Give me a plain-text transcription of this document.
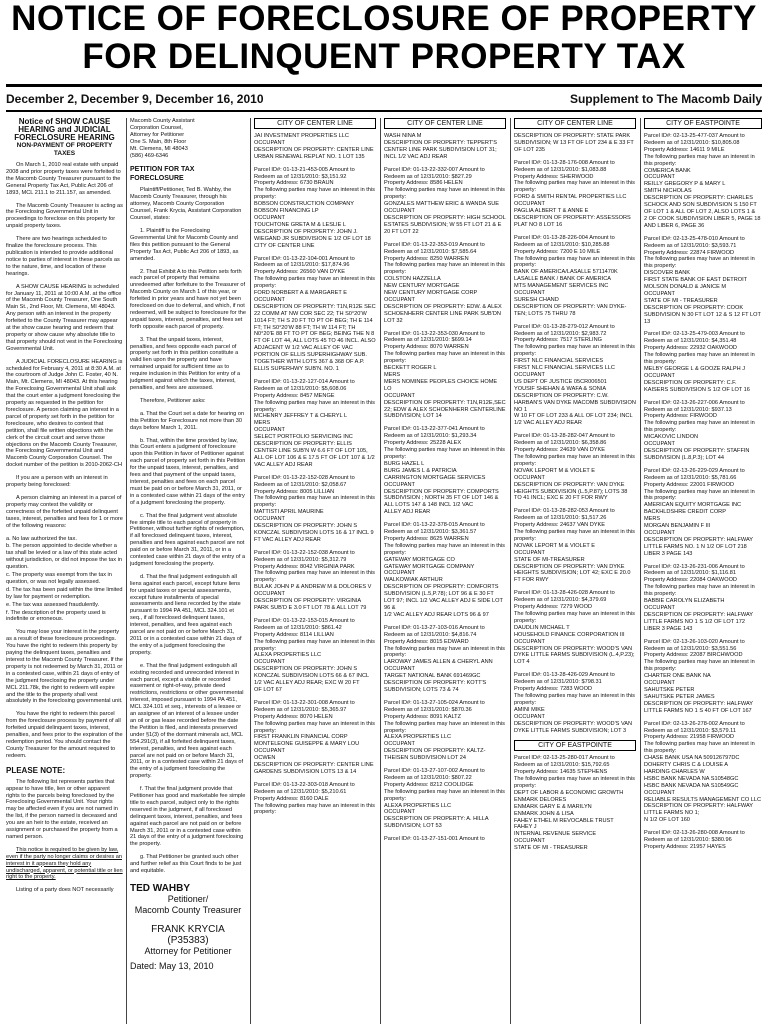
NOTICE OF FORECLOSURE OF PROPERTY
FOR DELINQUENT PROPERTY TAX
December 2, December 9, December 16, 2010	Supplement to The Macomb Daily
Notice of SHOW CAUSE
HEARING and JUDICIAL
FORECLOSURE HEARING
NON-PAYMENT OF PROPERTY TAXES

On March 1, 2010 real estate with unpaid 2008 and prior property taxes were forfeited to the Macomb County Treasurer pursuant to the General Property Tax Act, Public Act 206 of 1893, MCL 211.1 to 211.157, as amended.

The Macomb County Treasurer is acting as the Foreclosing Governmental Unit in proceedings to foreclose on this property for unpaid property taxes.

There are two hearings scheduled to finalize the foreclosure process. This publication is intended to provide additional notice to parties of interest in these parcels as to the nature, time, and location of these hearings.

A SHOW CAUSE HEARING is scheduled for January 11, 2011 at 10:00 A.M. at the office of the Macomb County Treasurer, One South Main St., 2nd Floor, Mt. Clemens, MI 48043. Any person with an interest in the property forfeited to the County Treasurer may appear at the show cause hearing and redeem that property or show cause why absolute title to that property should not vest in the Foreclosing Governmental Unit.

A JUDICIAL FORECLOSURE HEARING is scheduled for February 4, 2011 at 8:30 A.M. at the courtroom of Judge John C. Foster, 40 N. Main, Mt. Clemens, MI 48043. At this hearing the Foreclosing Governmental Unit shall ask that the court enter a judgment foreclosing the property as requested in the petition for foreclosure. A person claiming an interest in a parcel of property set forth in the petition for foreclosure, who desires to contest that petition, shall file written objections with the clerk of the circuit court and serve those objections on the Macomb County Treasurer, the Foreclosing Governmental Unit and Macomb County Corporation Counsel. The docket number of the petition is 2010-2062-CH

If you are a person with an interest in property being foreclosed:

A person claiming an interest in a parcel of property may contest the validity or correctness of the forfeited unpaid delinquent taxes, interest, penalties and fees for 1 or more of the following reasons:

a. No law authorized the tax.

b. The person appointed to decide whether a tax shall be levied or a law of this state acted without jurisdiction, or did not impose the tax in question.

c. The property was exempt from the tax in question, or was not legally assessed.

d. The tax has been paid within the time limited by law for payment or redemption.

e. The tax was assessed fraudulently.

f. The description of the property used is indefinite or erroneous.

You may lose your interest in the property as a result of these foreclosure proceedings. You have the right to redeem this property by paying the delinquent taxes, penalties and interest to the Macomb County Treasurer. If the property is not redeemed by March 31, 2011 or in a contested case, within 21 days of entry of the judgment foreclosing the property under MCL 211.78k, the right to redeem will expire and the title to the property shall vest absolutely in the foreclosing governmental unit.

You have the right to redeem this parcel from the foreclosure process by payment of all forfeited unpaid delinquent taxes, interest, penalties, and fees prior to the expiration of the redemption period. You should contact the County Treasurer for the amount required to redeem.

PLEASE NOTE:

The following list represents parties that appear to have title, lien or other apparent rights to the parcels being foreclosed by the Foreclosing Governmental Unit. Your rights may be affected even if you are not named in the list, if the person named is deceased and you are an heir to the estate, received an assignment or purchased the property from a named person.

This notice is required to be given by law, even if the party no longer claims or desires an interest in it appears they hold any undischarged, apparent, or potential title or lien right to the property.

Listing of a party does NOT necessarily

Macomb County Assistant
Corporation Counsel,
Attorney for Petitioner
One S. Main, 8th Floor
Mt. Clemens, MI 48043
(586) 469-6346
PETITION FOR TAX FORECLOSURE

Plaintiff/Petitioner, Ted B. Wahby, the Macomb County Treasurer, through his attorney, Macomb County Corporation Counsel, Frank Krycia, Assistant Corporation Counsel, states:

1. Plaintiff is the Foreclosing Governmental Unit for Macomb County and files this petition pursuant to the General Property Tax Act, Public Act 206 of 1893, as amended.

2. That Exhibit A to this Petition sets forth each parcel of property that remains unredeemed after forfeiture to the Treasurer of Macomb County on March 1 of this year, or forfeited in prior years and have not yet been foreclosed on due to deferral, and which, if not redeemed, will be subject to foreclosure for the unpaid taxes, interest, penalties, and fees set forth opposite each parcel of property.

3. That the unpaid taxes, interest, penalties, and fees opposite each parcel of property set forth in this petition constitute a valid lien upon the property and have remained unpaid for sufficient time as to require inclusion in this Petition for entry of a judgment against which the taxes, interest, penalties, and fees are assessed.

Therefore, Petitioner asks:

a. That the Court set a date for hearing on this Petition for Foreclosure not more than 30 days before March 1, 2011.

b. That, within the time provided by law, this Court enters a judgment of foreclosure upon this Petition in favor of Petitioner against each parcel of property set forth in this Petition for the unpaid taxes, interest, penalties, and fees and that payment of the unpaid taxes, interest, penalties and fees on each parcel must be paid on or before March 31, 2011, or in a contested case within 21 days of the entry of a judgment foreclosing the property.

c. That the final judgment vest absolute fee simple title to each parcel of property in Petitioner, without further rights of redemption, if all foreclosed delinquent taxes, interest, penalties and fees against each parcel are not paid on or before March 31, 2011, or in a contested case within 21 days of the entry of a judgment foreclosing the property.

d. That the final judgment extinguish all liens against each parcel, except future liens for unpaid taxes or special assessments, except future installments of special assessments and liens recorded by the state pursuant to 1994 PA 451, MCL 324.101 et seq., if all foreclosed delinquent taxes, interest, penalties, and fees against each parcel are not paid on or before March 31, 2011 or in a contested case within 21 days of the entry of a judgment foreclosing the property.

e. That the final judgment extinguish all existing recorded and unrecorded interest in each parcel, except a visible or recorded easement or right-of-way, private deed restrictions, restrictions or other governmental interest, imposed pursuant to 1994 PA 451, MCL 324.101 et seq., interests of a lessee or an assignee of an interest of a lessee under an oil or gas lease recorded before the date the Petition is filed, and interests preserved under §1(3) of the dormant minerals act, MCL 554.291(3), if all forfeited delinquent taxes, interest, penalties, and fees against each parcel are not paid on or before March 31, 2011, or in a contested case within 21 days of the entry of a judgment foreclosing the property.

f. That the final judgment provide that Petitioner has good and marketable fee simple title to each parcel, subject only to the rights reserved in the judgment, if all foreclosed delinquent taxes, interest, penalties, and fees against each parcel are not paid on or before March 31, 2011 or in a contested case within 21 days of the entry of a judgment foreclosing the property.

g. That Petitioner be granted such other and further relief as this Court finds to be just and equitable.

TED WAHBY
Petitioner/
Macomb County Treasurer
FRANK KRYCIA (P35383)
Attorney for Petitioner
Dated: May 13, 2010
CITY OF CENTER LINE
JAI INVESTMENT PROPERTIES LLC
OCCUPANT
DESCRIPTION OF PROPERTY: CENTER LINE URBAN RENEWAL REPLAT NO. 1 LOT 135
Parcel ID#: 01-13-21-453-005 Amount to Redeem as of 12/31/2010: $3,151.92
Property Address: 6730 BRAUN
The following parties may have an interest in this property:
BOBSON CONSTRUCTION COMPANY
BOBSON FINANCING LP
OCCUPANT
TOUCHTONE GRETA M & LESLIE L
DESCRIPTION OF PROPERTY: JOHN J. WIEGAND JR SUBDIVISION E 1/2 OF LOT 18 CITY OF CENTER LINE
Parcel ID#: 01-13-22-104-001 Amount to Redeem as of 12/31/2010: $17,874.96
Property Address: 26560 VAN DYKE
The following parties may have an interest in this property:
FORD NORBERT A & MARGARET E
OCCUPANT
DESCRIPTION OF PROPERTY: T1N,R12E SEC 22 COMM AT NW COR SEC 22; TH S0°20'W 1014 FT; TH S 20 FT TO PT OF BEG; TH E 114 FT; TH S0°20'W 88 FT; TH W 114 FT; TH N0°20'E 88 FT TO PT OF BEG; BEING THE N 8 FT OF LOT 44, ALL LOTS 45 TO 46 INCL. ALSO ADJACENT W 1/2 VAC ALLEY OF VAC PORTION OF ELLIS SUPERHIGHWAY SUB. TOGETHER WITH LOTS 367 & 368 OF A.P. ELLIS SUPERHWY SUB'N. NO. 1
Parcel ID#: 01-13-22-127-014 Amount to Redeem as of 12/31/2010: $5,608.06
Property Address: 8457 MENGE
The following parties may have an interest in this property:
MCHENRY JEFFREY T & CHERYL L
MERS
OCCUPANT
SELECT PORTFOLIO SERVICING INC
DESCRIPTION OF PROPERTY: ELLIS CENTER LINE SUB'N W 6.6 FT OF LOT 105, ALL OF LOT 106 & E 17.5 FT OF LOT 107 & 1/2 VAC ALLEY ADJ REAR
Parcel ID#: 01-13-22-152-028 Amount to Redeem as of 12/31/2010: $2,058.67
Property Address: 8005 LILLIAN
The following parties may have an interest in this property:
MATTISTI APRIL MAURINE
OCCUPANT
DESCRIPTION OF PROPERTY: JOHN S KONCZAL SUBDIVISION LOTS 16 & 17 INCL 9 FT VAC ALLEY ADJ REAR
Parcel ID#: 01-13-22-152-038 Amount to Redeem as of 12/31/2010: $5,312.79
Property Address: 8042 VIRGINIA PARK
The following parties may have an interest in this property:
BULAK JOHN P & ANDREW M & DOLORES V
OCCUPANT
DESCRIPTION OF PROPERTY: VIRGINIA PARK SUB'D E 3.0 FT LOT 78 & ALL LOT 79
Parcel ID#: 01-13-22-153-015 Amount to Redeem as of 12/31/2010: $861.42
Property Address: 8114 LILLIAN
The following parties may have an interest in this property:
ALEXA PROPERTIES LLC
OCCUPANT
DESCRIPTION OF PROPERTY: JOHN S KONCZAL SUBDIVISION LOTS 66 & 67 INCL 1/2 VAC ALLEY ADJ REAR; EXC W 20 FT
OF LOT 67
Parcel ID#: 01-13-22-301-008 Amount to Redeem as of 12/31/2010: $5,365.97
Property Address: 8070 HELEN
The following parties may have an interest in this property:
FIRST FRANKLIN FINANCIAL CORP
MONTELEONE GUISEPPE & MARY LOU
OCCUPANT
OCWEN
DESCRIPTION OF PROPERTY: CENTER LINE GARDENS SUBDIVISION LOTS 13 & 14
Parcel ID#: 01-13-22-303-018 Amount to Redeem as of 12/31/2010: $5,210.61
Property Address: 8160 DALE
The following parties may have an interest in this property:
CITY OF CENTER LINE
WASH NINA M
DESCRIPTION OF PROPERTY: TEPPERT'S CENTER LINE PARK SUBDIVISION LOT 31; INCL 1/2 VAC ADJ REAR
Parcel ID#: 01-13-22-332-007 Amount to Redeem as of 12/31/2010: $827.29
Property Address: 8586 HELEN
The following parties may have an interest in this property:
GONZALES MATTHEW ERIC & WANDA SUE
OCCUPANT
DESCRIPTION OF PROPERTY: HIGH SCHOOL ESTATES SUBDIVISION; W 55 FT LOT 21 & E 20 FT LOT 22
Parcel ID#: 01-13-22-353-019 Amount to Redeem as of 12/31/2010: $7,585.64
Property Address: 8250 WARREN
The following parties may have an interest in this property:
COLSTON HAZZELLA
NEW CENTURY MORTGAGE
NEW CENTURY MORTGAGE CORP
OCCUPANT
DESCRIPTION OF PROPERTY: EDW. & ALEX SCHOENHERR CENTER LINE PARK SUB'DN LOT 32
Parcel ID#: 01-13-22-353-030 Amount to Redeem as of 12/31/2010: $699.14
Property Address: 8070 WARREN
The following parties may have an interest in this property:
BECKETT ROGER L
MERS
MERS NOMINEE PEOPLES CHOICE HOME LO
OCCUPANT
DESCRIPTION OF PROPERTY: T1N,R12E,SEC 22; EDW & ALEX SCHOENHERR CENTERLINE SUBDIVISION; LOT 14
Parcel ID#: 01-13-22-377-041 Amount to Redeem as of 12/31/2010: $1,293.34
Property Address: 25228 ALEX
The following parties may have an interest in this property:
BURG HAZEL L
BURG JAMES L & PATRICIA
CARRINGTON MORTGAGE SERVICES
OCCUPANT
DESCRIPTION OF PROPERTY: COMPORTS SUBDIVISION ; NORTH 35 FT OF LOT 146 & ALL LOTS 147 & 148 INCL 1/2 VAC
ALLEY ADJ REAR
Parcel ID#: 01-13-22-378-015 Amount to Redeem as of 12/31/2010: $3,361.57
Property Address: 8625 WARREN
The following parties may have an interest in this property:
GATEWAY MORTGAGE CO
GATEWAY MORTGAGE COMPANY
OCCUPANT
WALKOWIAK ARTHUR
DESCRIPTION OF PROPERTY: COMFORTS SUBDIVISION (L.5,P.78); LOT 96 & E 30 FT LOT 97; INCL 1/2 VAC ALLEY ADJ E SIDE LOT 96 &
1/2 VAC ALLEY ADJ REAR LOTS 96 & 97
Parcel ID#: 01-13-27-103-016 Amount to Redeem as of 12/31/2010: $4,816.74
Property Address: 8015 EDWARD
The following parties may have an interest in this property:
LAROWAY JAMES ALLEN & CHERYL ANN
OCCUPANT
TARGET NATIONAL BANK 691469GC
DESCRIPTION OF PROPERTY: KOTT'S SUBDIVISION; LOTS 73 & 74
Parcel ID#: 01-13-27-105-024 Amount to Redeem as of 12/31/2010: $870.36
Property Address: 8091 KALTZ
The following parties may have an interest in this property:
ALEXA PROPERTIES LLC
OCCUPANT
DESCRIPTION OF PROPERTY: KALTZ-THEISEN SUBDIVISION LOT 24
Parcel ID#: 01-13-27-107-002 Amount to Redeem as of 12/31/2010: $807.22
Property Address: 8212 COOLIDGE
The following parties may have an interest in this property:
ALEXA PROPERTIES LLC
OCCUPANT
DESCRIPTION OF PROPERTY: A. HILLA SUBDIVISION; LOT 53
Parcel ID#: 01-13-27-151-001 Amount to
CITY OF CENTER LINE
DESCRIPTION OF PROPERTY: STATE PARK SUBDIVISION; W 13 FT OF LOT 234 & E 33 FT OF LOT 235
Parcel ID#: 01-13-28-176-008 Amount to Redeem as of 12/31/2010: $1,083.88
Property Address: SHERWOOD
The following parties may have an interest in this property:
FORD & SMITH RENTAL PROPERTIES LLC
OCCUPANT
PAGLIA ALBERT T & ANNE E
DESCRIPTION OF PROPERTY: ASSESSORS PLAT NO 8 LOT 16
Parcel ID#: 01-13-28-226-004 Amount to Redeem as of 12/31/2010: $10,285.88
Property Address: 7200 E 10 MILE
The following parties may have an interest in this property:
BANK OF AMERICA/LASALLE 5711470K
LASALLE BANK / BANK OF AMERICA
MTS MANAGEMENT SERVICES INC
OCCUPANT
SURESH CHAND
DESCRIPTION OF PROPERTY: VAN DYKE-TEN; LOTS 75 THRU 78
Parcel ID#: 01-13-28-279-012 Amount to Redeem as of 12/31/2010: $2,983.72
Property Address: 7517 STERLING
The following parties may have an interest in this property:
FIRST NLC FINANCIAL SERVICES
FIRST NLC FINANCIAL SERVICES LLC
OCCUPANT
US DEPT OF JUSTICE 05CR006501
YOUSIF SHEHAN & WAFA & SONIA
DESCRIPTION OF PROPERTY: C.W. HARBAN'S VAN DYKE MACOMB SUBDIVISION NO 1
W 10 FT OF LOT 233 & ALL OF LOT 234; INCL 1/2 VAC ALLEY ADJ REAR
Parcel ID#: 01-13-28-282-047 Amount to Redeem as of 12/31/2010: $6,358.86
Property Address: 24639 VAN DYKE
The following parties may have an interest in this property:
NOVAK LEPORT M & VIOLET E
OCCUPANT
DESCRIPTION OF PROPERTY: VAN DYKE HEIGHTS SUBDIVISION (L.5,P.87); LOTS 38 TO 41 INCL; EXC E 20 FT FOR RWY
Parcel ID#: 01-13-28-282-053 Amount to Redeem as of 12/31/2010: $1,517.26
Property Address: 24637 VAN DYKE
The following parties may have an interest in this property:
NOVAK LEPORT M & VIOLET E
OCCUPANT
STATE OF MI-TREASURER
DESCRIPTION OF PROPERTY: VAN DYKE HEIGHTS SUBDIVISION; LOT 42; EXC E 20.0 FT FOR RWY
Parcel ID#: 01-13-28-426-028 Amount to Redeem as of 12/31/2010: $4,379.69
Property Address: 7279 WOOD
The following parties may have an interest in this property:
DAUDLIN MICHAEL T
HOUSEHOLD FINANCE CORPORATION III
OCCUPANT
DESCRIPTION OF PROPERTY: WOOD'S VAN DYKE LITTLE FARMS SUBDIVISION (L.4,P.23); LOT 4
Parcel ID#: 01-13-28-426-029 Amount to Redeem as of 12/31/2010: $798.31
Property Address: 7283 WOOD
The following parties may have an interest in this property:
AMINI MIKE
OCCUPANT
DESCRIPTION OF PROPERTY: WOOD'S VAN DYKE LITTLE FARMS SUBDIVISION; LOT 3
CITY OF EASTPOINTE
Parcel ID#: 02-13-25-280-017 Amount to Redeem as of 12/31/2010: $15,792.65
Property Address: 14635 STEPHENS
The following parties may have an interest in this property:
DEPT OF LABOR & ECONOMIC GROWTH
ENMARK DELORES
ENMARK GARY E & MARILYN
ENMARK JOHN & LISA
FAHEY ETHEL M REVOCABLE TRUST
FAHEY J
INTERNAL REVENUE SERVICE
OCCUPANT
STATE OF MI - TREASURER
CITY OF EASTPOINTE
Parcel ID#: 02-13-25-477-037 Amount to Redeem as of 12/31/2010: $10,805.08
Property Address: 14611 9 MILE
The following parties may have an interest in this property:
COMERICA BANK
OCCUPANT
REILLY GREGORY P & MARY L
SMITH NICHOLAS
DESCRIPTION OF PROPERTY: CHARLES SCHOCK AND SON SUBDIVISION S 150 FT OF LOT 1 & ALL OF LOT 2, ALSO LOTS 1 &
2 OF COOK SUBDIVISION LIBER 5, PAGE 18 AND LIBER 6, PAGE 36
Parcel ID#: 02-13-25-478-010 Amount to Redeem as of 12/31/2010: $3,593.71
Property Address: 22874 FIRWOOD
The following parties may have an interest in this property:
DISCOVER BANK
FIRST STATE BANK OF EAST DETROIT
MOLSON DONALD & JANICE M
OCCUPANT
STATE OF MI - TREASURER
DESCRIPTION OF PROPERTY: COOK SUBDIVISION N 30 FT LOT 12 & S 12 FT LOT 13
Parcel ID#: 02-13-25-479-003 Amount to Redeem as of 12/31/2010: $4,351.48
Property Address: 22932 OAKWOOD
The following parties may have an interest in this property:
MELBY GEORGE L & GOOZE RALPH J
OCCUPANT
DESCRIPTION OF PROPERTY: C.F. KAISERS SUBDIVISION S 1/2 OF LOT 16
Parcel ID#: 02-13-26-227-006 Amount to Redeem as of 12/31/2010: $937.13
Property Address: FIRWOOD
The following parties may have an interest in this property:
MICAKOVIC LINDON
OCCUPANT
DESCRIPTION OF PROPERTY: STAFFIN SUBDIVISION (L.8,P.3); LOT 44
Parcel ID#: 02-13-26-229-029 Amount to Redeem as of 12/31/2010: $5,781.66
Property Address: 22001 FIRWOOD
The following parties may have an interest in this property:
AMERICAN EQUITY MORTGAGE INC
BACKHLDSHRE CREDIT CORP
MERS
MORGAN BENJAMIN F III
OCCUPANT
DESCRIPTION OF PROPERTY: HALFWAY LITTLE FARMS NO. 1 N 1/2 OF LOT 218 LIBER 3 PAGE 143
Parcel ID#: 02-13-26-231-006 Amount to Redeem as of 12/31/2010: $1,116.81
Property Address: 22084 OAKWOOD
The following parties may have an interest in this property:
BABBIE CAROLYN ELIZABETH
OCCUPANT
DESCRIPTION OF PROPERTY: HALFWAY LITTLE FARMS NO 1 S 1/2 OF LOT 172 LIBER 3 PAGE 143
Parcel ID#: 02-13-26-103-020 Amount to Redeem as of 12/31/2010: $3,551.56
Property Address: 22087 BIRCHWOOD
The following parties may have an interest in this property:
CHARTER ONE BANK NA
OCCUPANT
SAHUTSKE PETER
SAHUTSKE PETER JAMES
DESCRIPTION OF PROPERTY: HALFWAY LITTLE FARMS NO 1 S 40 FT OF LOT 167
Parcel ID#: 02-13-26-278-002 Amount to Redeem as of 12/31/2010: $3,579.11
Property Address: 21958 FIRWOOD
The following parties may have an interest in this property:
CHASE BANK USA NA 509126797DC
DOHERTY CHRIS C & LOUISE A
HARDING CHARLES W
HSBC BANK NEVADA NA S10548GC
HSBC BANK NEVADA NA S10549GC
OCCUPANT
RELIABLE RESULTS MANAGEMENT CO LLC
DESCRIPTION OF PROPERTY: HALFWAY LITTLE FARMS NO 1;
N 1/2 OF LOT 160
Parcel ID#: 02-13-26-280-008 Amount to Redeem as of 12/31/2010: $380.96
Property Address: 21957 HAYES
